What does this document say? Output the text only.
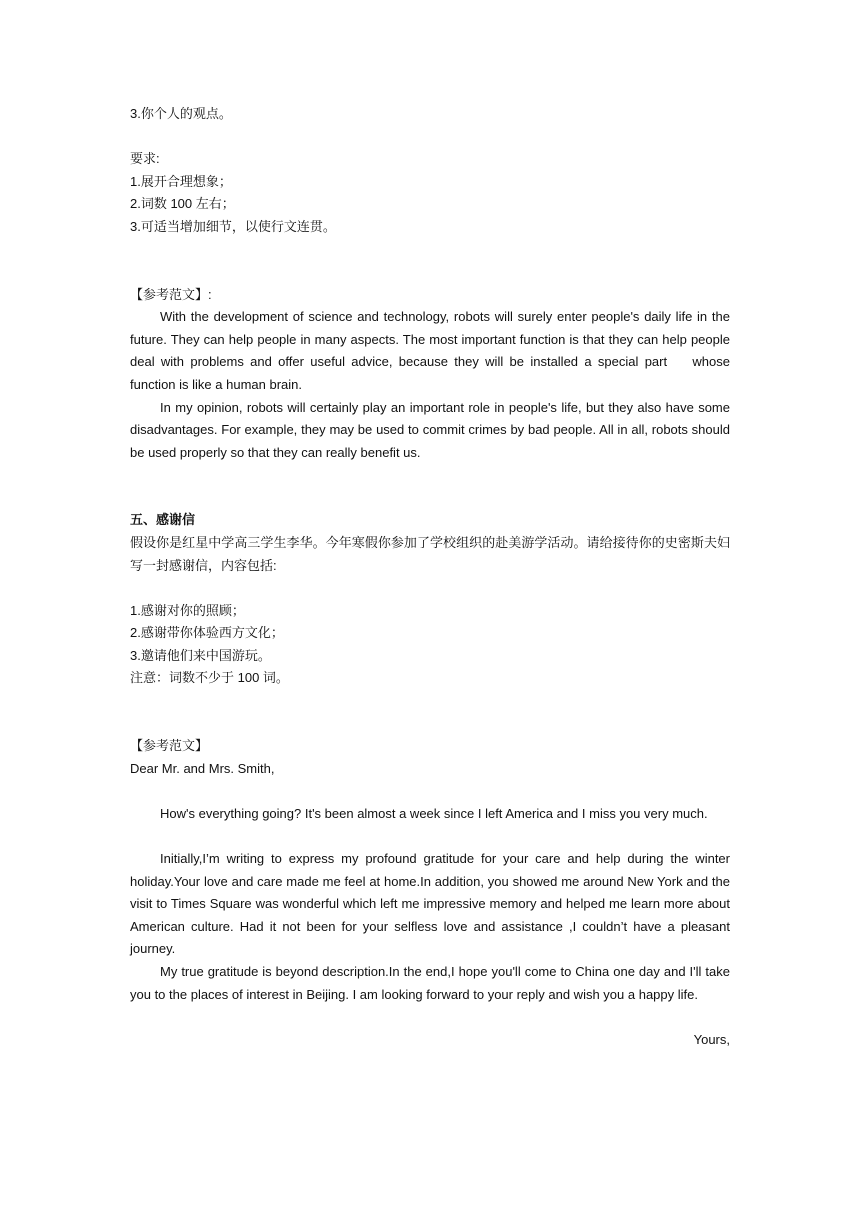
3.你个人的观点。
要求:
1.展开合理想象；
2.词数 100 左右；
3.可适当增加细节，以使行文连贯。
【参考范文】:
With the development of science and technology, robots will surely enter people's daily life in the future. They can help people in many aspects. The most important function is that they can help people deal with problems and offer useful advice, because they will be installed a special part    whose function is like a human brain.
In my opinion, robots will certainly play an important role in people's life, but they also have some disadvantages. For example, they may be used to commit crimes by bad people. All in all, robots should be used properly so that they can really benefit us.
五、感谢信
假设你是红星中学高三学生李华。今年寒假你参加了学校组织的赴美游学活动。请给接待你的史密斯夫妇写一封感谢信，内容包括:
1.感谢对你的照顾；
2.感谢带你体验西方文化；
3.邀请他们来中国游玩。
注意：词数不少于 100 词。
【参考范文】
Dear Mr. and Mrs. Smith,
How's everything going? It's been almost a week since I left America and I miss you very much.
Initially,I’m writing to express my profound gratitude for your care and help during the winter holiday.Your love and care made me feel at home.In addition, you showed me around New York and the visit to Times Square was wonderful which left me impressive memory and helped me learn more about American culture. Had it not been for your selfless love and assistance ,I couldn’t have a pleasant journey.
My true gratitude is beyond description.In the end,I hope you'll come to China one day and I'll take you to the places of interest in Beijing. I am looking forward to your reply and wish you a happy life.
Yours,
